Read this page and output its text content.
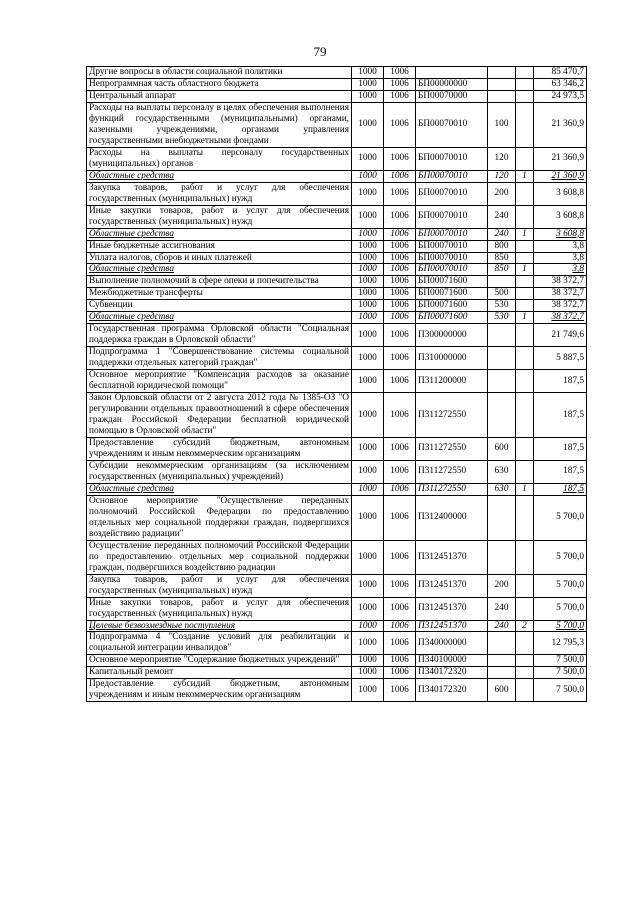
79
Другие вопросы в области социальной политики	1000	1006				85 470,7
Непрограммная часть областного бюджета	1000	1006	БП00000000			63 346,2
Центральный аппарат	1000	1006	БП00070000			24 973,5
Расходы на выплаты персоналу в целях обеспечения выполнения функций государственными (муниципальными) органами, казенными учреждениями, органами управления государственными внебюджетными фондами	1000	1006	БП00070010	100		21 360,9
Расходы на выплаты персоналу государственных (муниципальных) органов	1000	1006	БП00070010	120		21 360,9
Областные средства	1000	1006	БП00070010	120	1	21 360,9
Закупка товаров, работ и услуг для обеспечения государственных (муниципальных) нужд	1000	1006	БП00070010	200		3 608,8
Иные закупки товаров, работ и услуг для обеспечения государственных (муниципальных) нужд	1000	1006	БП00070010	240		3 608,8
Областные средства	1000	1006	БП00070010	240	1	3 608,8
Иные бюджетные ассигнования	1000	1006	БП00070010	800		3,8
Уплата налогов, сборов и иных платежей	1000	1006	БП00070010	850		3,8
Областные средства	1000	1006	БП00070010	850	1	3,8
Выполнение полномочий в сфере опеки и попечительства	1000	1006	БП00071600			38 372,7
Межбюджетные трансферты	1000	1006	БП00071600	500		38 372,7
Субвенции	1000	1006	БП00071600	530		38 372,7
Областные средства	1000	1006	БП00071600	530	1	38 372,7
Государственная программа Орловской области "Социальная поддержка граждан в Орловской области"	1000	1006	П300000000			21 749,6
Подпрограмма 1 "Совершенствование системы социальной поддержки отдельных категорий граждан"	1000	1006	П310000000			5 887,5
Основное мероприятие "Компенсация расходов за оказание бесплатной юридической помощи"	1000	1006	П311200000			187,5
Закон Орловской области от 2 августа 2012 года № 1385-ОЗ "О регулировании отдельных правоотношений в сфере обеспечения граждан Российской Федерации бесплатной юридической помощью в Орловской области"	1000	1006	П311272550			187,5
Предоставление субсидий бюджетным, автономным учреждениям и иным некоммерческим организациям	1000	1006	П311272550	600		187,5
Субсидии некоммерческим организациям (за исключением государственных (муниципальных) учреждений)	1000	1006	П311272550	630		187,5
Областные средства	1000	1006	П311272550	630	1	187,5
Основное мероприятие "Осуществление переданных полномочий Российской Федерации по предоставлению отдельных мер социальной поддержки граждан, подвергшихся воздействию радиации"	1000	1006	П312400000			5 700,0
Осуществление переданных полномочий Российской Федерации по предоставлению отдельных мер социальной поддержки граждан, подвергшихся воздействию радиации	1000	1006	П312451370			5 700,0
Закупка товаров, работ и услуг для обеспечения государственных (муниципальных) нужд	1000	1006	П312451370	200		5 700,0
Иные закупки товаров, работ и услуг для обеспечения государственных (муниципальных) нужд	1000	1006	П312451370	240		5 700,0
Целевые безвозмездные поступления	1000	1006	П312451370	240	2	5 700,0
Подпрограмма 4 "Создание условий для реабилитации и социальной интеграции инвалидов"	1000	1006	П340000000			12 795,3
Основное мероприятие "Содержание бюджетных учреждений"	1000	1006	П340100000			7 500,0
Капитальный ремонт	1000	1006	П340172320			7 500,0
Предоставление субсидий бюджетным, автономным учреждениям и иным некоммерческим организациям	1000	1006	П340172320	600		7 500,0
